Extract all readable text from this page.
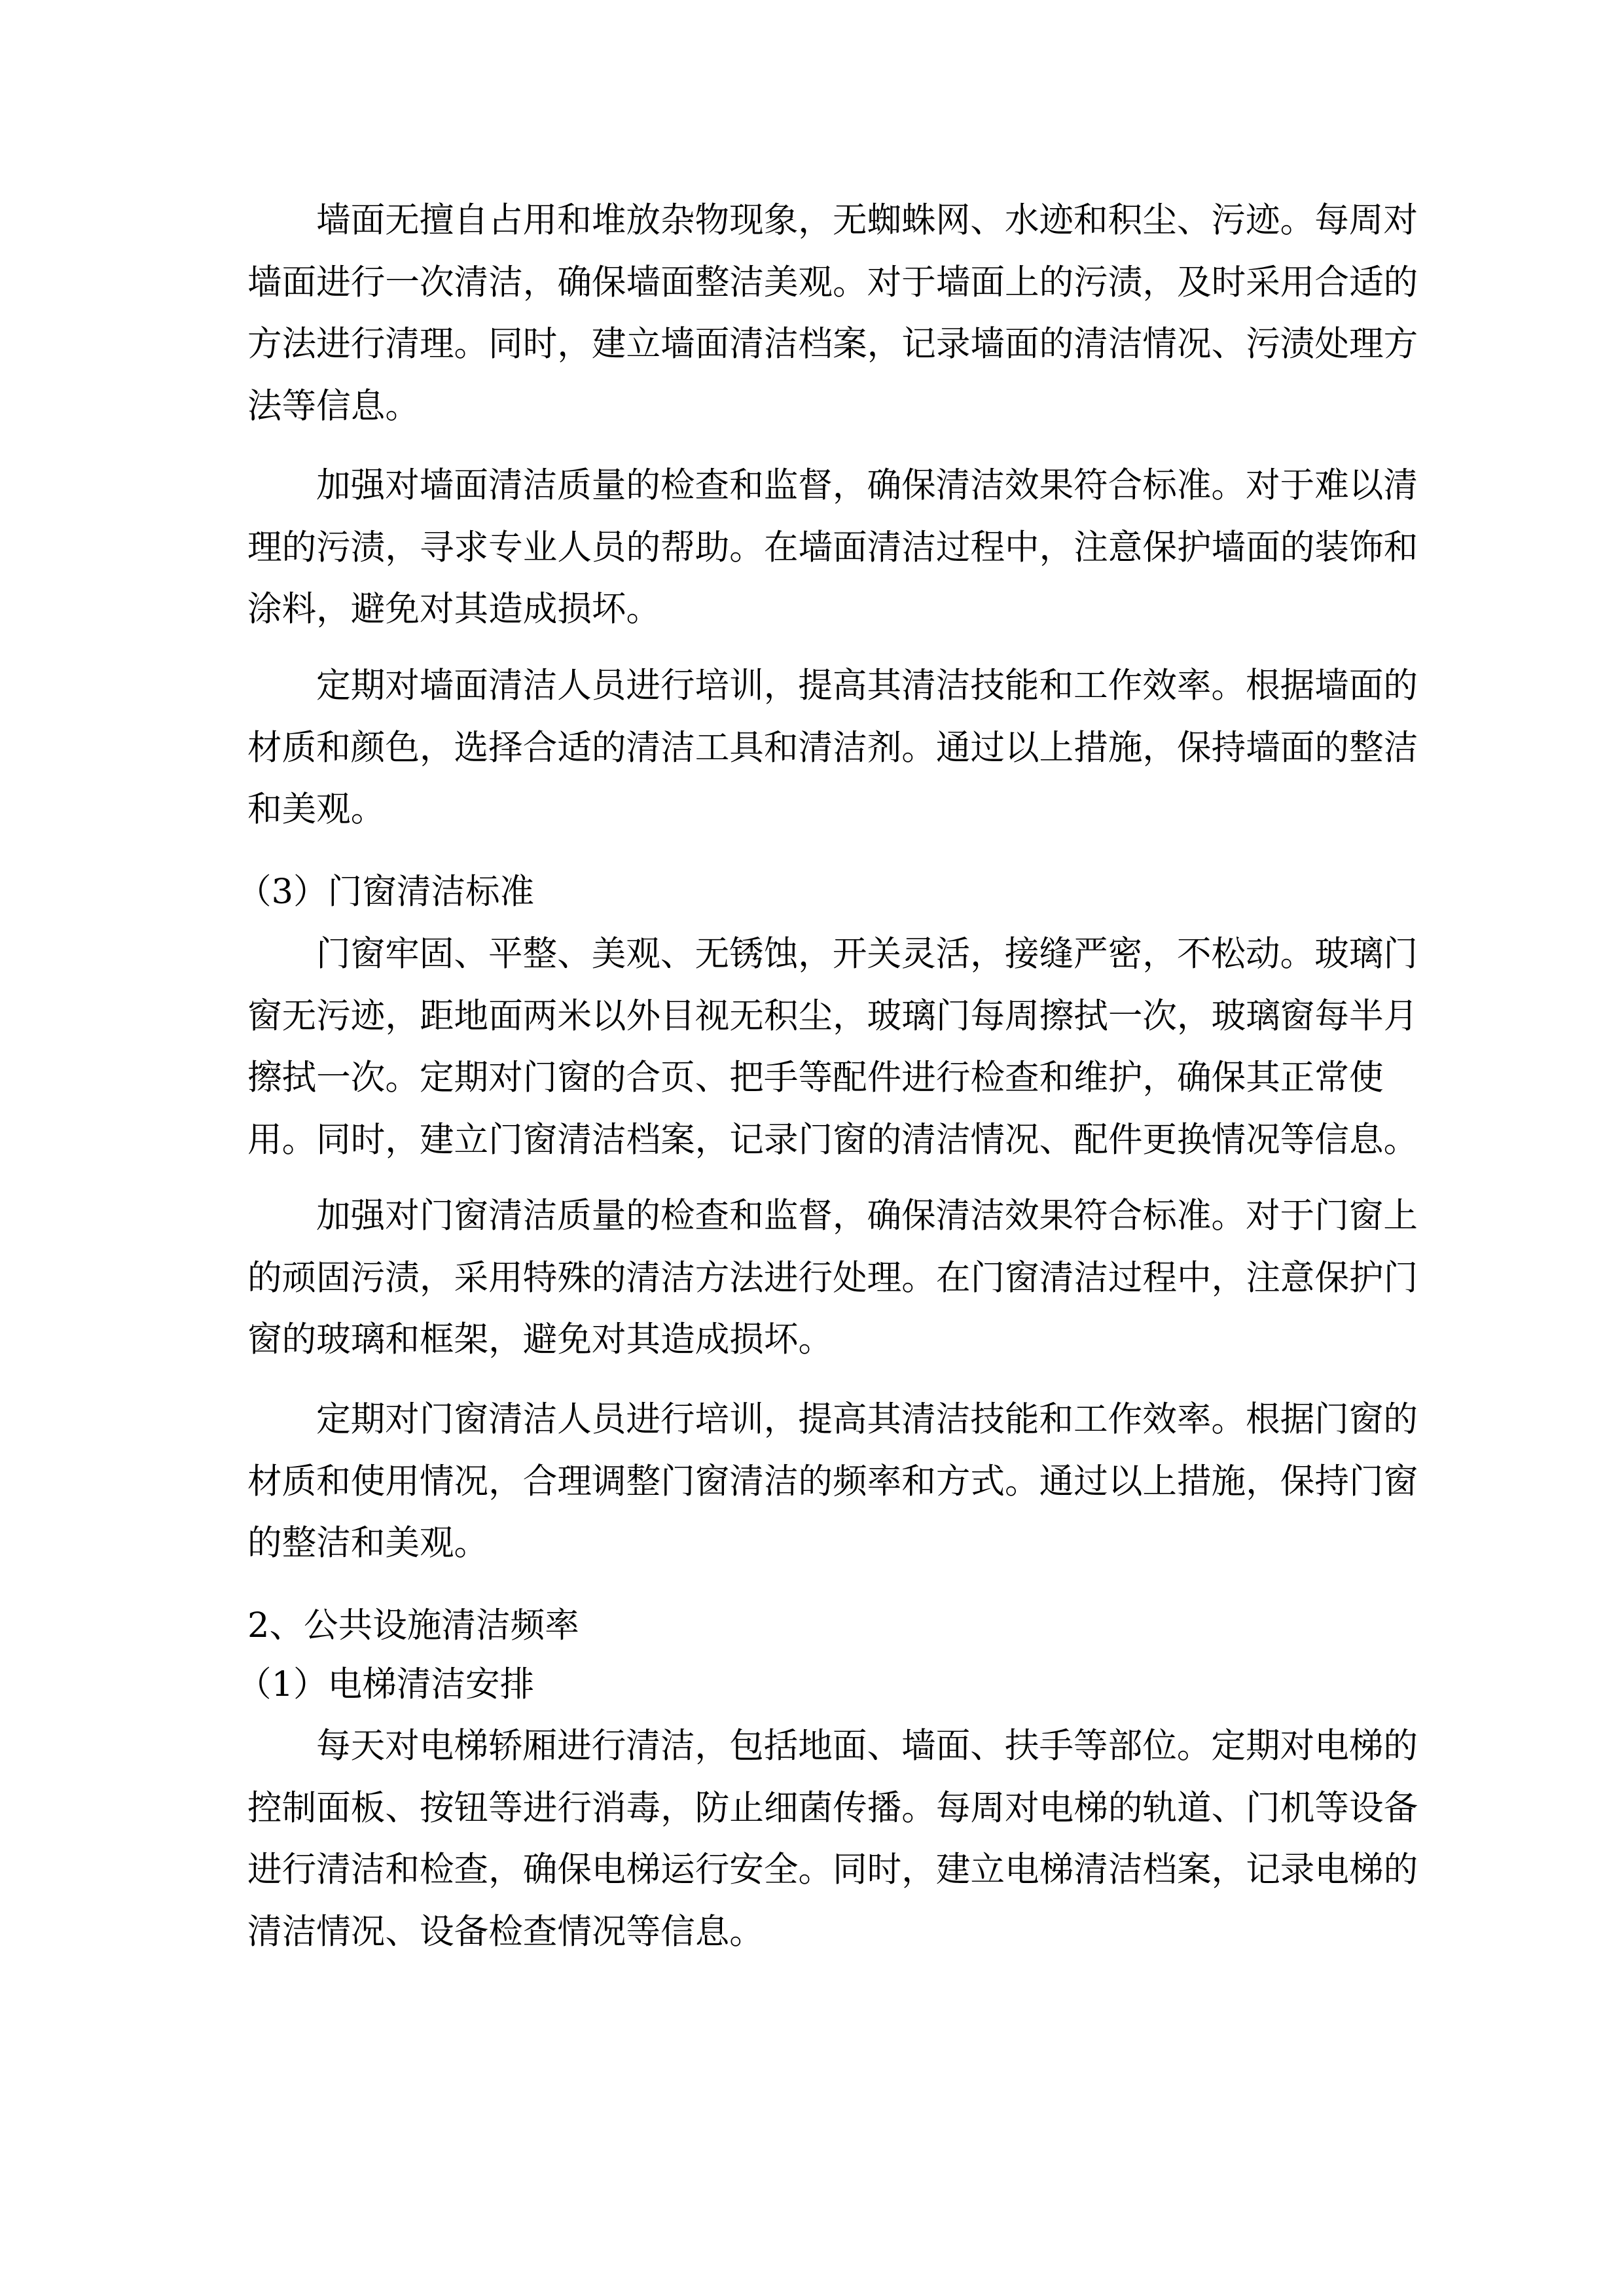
墙面无擅自占用和堆放杂物现象，无蜘蛛网、水迹和积尘、污迹。每周对
墙面进行一次清洁，确保墙面整洁美观。对于墙面上的污渍，及时采用合适的
方法进行清理。同时，建立墙面清洁档案，记录墙面的清洁情况、污渍处理方
法等信息。
加强对墙面清洁质量的检查和监督，确保清洁效果符合标准。对于难以清
理的污渍，寻求专业人员的帮助。在墙面清洁过程中，注意保护墙面的装饰和
涂料，避免对其造成损坏。
定期对墙面清洁人员进行培训，提高其清洁技能和工作效率。根据墙面的
材质和颜色，选择合适的清洁工具和清洁剂。通过以上措施，保持墙面的整洁
和美观。
（3）门窗清洁标准
门窗牢固、平整、美观、无锈蚀，开关灵活，接缝严密，不松动。玻璃门
窗无污迹，距地面两米以外目视无积尘，玻璃门每周擦拭一次，玻璃窗每半月
擦拭一次。定期对门窗的合页、把手等配件进行检查和维护，确保其正常使
用。同时，建立门窗清洁档案，记录门窗的清洁情况、配件更换情况等信息。
加强对门窗清洁质量的检查和监督，确保清洁效果符合标准。对于门窗上
的顽固污渍，采用特殊的清洁方法进行处理。在门窗清洁过程中，注意保护门
窗的玻璃和框架，避免对其造成损坏。
定期对门窗清洁人员进行培训，提高其清洁技能和工作效率。根据门窗的
材质和使用情况，合理调整门窗清洁的频率和方式。通过以上措施，保持门窗
的整洁和美观。
2、公共设施清洁频率
（1）电梯清洁安排
每天对电梯轿厢进行清洁，包括地面、墙面、扶手等部位。定期对电梯的
控制面板、按钮等进行消毒，防止细菌传播。每周对电梯的轨道、门机等设备
进行清洁和检查，确保电梯运行安全。同时，建立电梯清洁档案，记录电梯的
清洁情况、设备检查情况等信息。
